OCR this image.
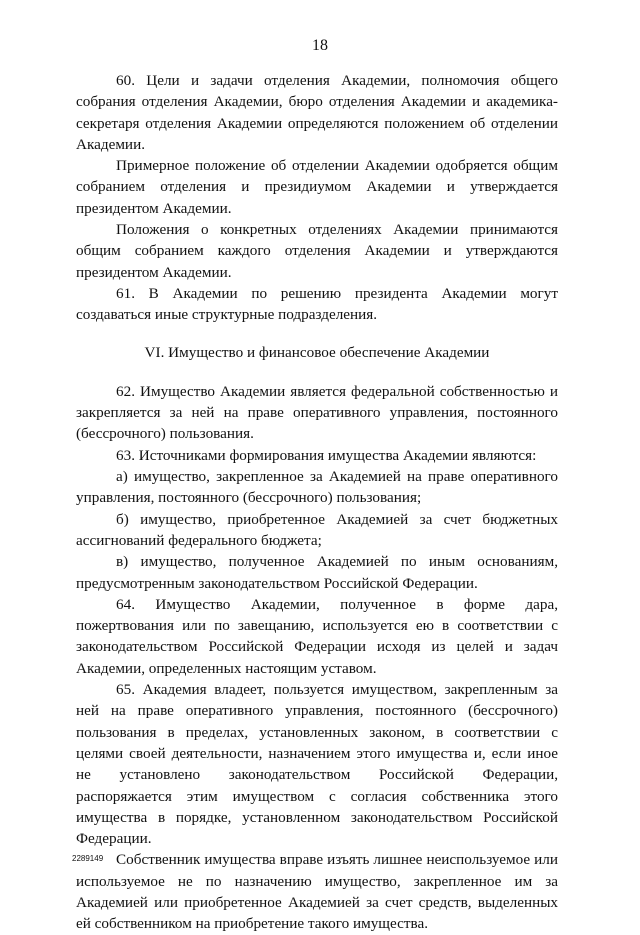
18

60. Цели и задачи отделения Академии, полномочия общего собрания отделения Академии, бюро отделения Академии и академика-секретаря отделения Академии определяются положением об отделении Академии.

Примерное положение об отделении Академии одобряется общим собранием отделения и президиумом Академии и утверждается президентом Академии.

Положения о конкретных отделениях Академии принимаются общим собранием каждого отделения Академии и утверждаются президентом Академии.

61. В Академии по решению президента Академии могут создаваться иные структурные подразделения.

VI. Имущество и финансовое обеспечение Академии

62. Имущество Академии является федеральной собственностью и закрепляется за ней на праве оперативного управления, постоянного (бессрочного) пользования.

63. Источниками формирования имущества Академии являются:

а) имущество, закрепленное за Академией на праве оперативного управления, постоянного (бессрочного) пользования;

б) имущество, приобретенное Академией за счет бюджетных ассигнований федерального бюджета;

в) имущество, полученное Академией по иным основаниям, предусмотренным законодательством Российской Федерации.

64. Имущество Академии, полученное в форме дара, пожертвования или по завещанию, используется ею в соответствии с законодательством Российской Федерации исходя из целей и задач Академии, определенных настоящим уставом.

65. Академия владеет, пользуется имуществом, закрепленным за ней на праве оперативного управления, постоянного (бессрочного) пользования в пределах, установленных законом, в соответствии с целями своей деятельности, назначением этого имущества и, если иное не установлено законодательством Российской Федерации, распоряжается этим имуществом с согласия собственника этого имущества в порядке, установленном законодательством Российской Федерации.

Собственник имущества вправе изъять лишнее неиспользуемое или используемое не по назначению имущество, закрепленное им за Академией или приобретенное Академией за счет средств, выделенных ей собственником на приобретение такого имущества.

2289149
